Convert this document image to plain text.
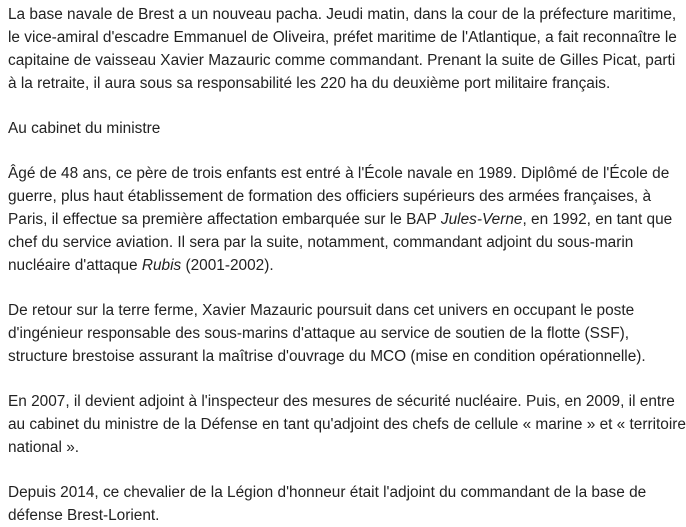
La base navale de Brest a un nouveau pacha. Jeudi matin, dans la cour de la préfecture maritime,
le vice-amiral d'escadre Emmanuel de Oliveira, préfet maritime de l'Atlantique, a fait reconnaître le
capitaine de vaisseau Xavier Mazauric comme commandant. Prenant la suite de Gilles Picat, parti
à la retraite, il aura sous sa responsabilité les 220 ha du deuxième port militaire français.

Au cabinet du ministre

Âgé de 48 ans, ce père de trois enfants est entré à l'École navale en 1989. Diplômé de l'École de
guerre, plus haut établissement de formation des officiers supérieurs des armées françaises, à
Paris, il effectue sa première affectation embarquée sur le BAP Jules-Verne, en 1992, en tant que
chef du service aviation. Il sera par la suite, notamment, commandant adjoint du sous-marin
nucléaire d'attaque Rubis (2001-2002).

De retour sur la terre ferme, Xavier Mazauric poursuit dans cet univers en occupant le poste
d'ingénieur responsable des sous-marins d'attaque au service de soutien de la flotte (SSF),
structure brestoise assurant la maîtrise d'ouvrage du MCO (mise en condition opérationnelle).

En 2007, il devient adjoint à l'inspecteur des mesures de sécurité nucléaire. Puis, en 2009, il entre
au cabinet du ministre de la Défense en tant qu'adjoint des chefs de cellule « marine » et « territoire
national ».

Depuis 2014, ce chevalier de la Légion d'honneur était l'adjoint du commandant de la base de
défense Brest-Lorient.
